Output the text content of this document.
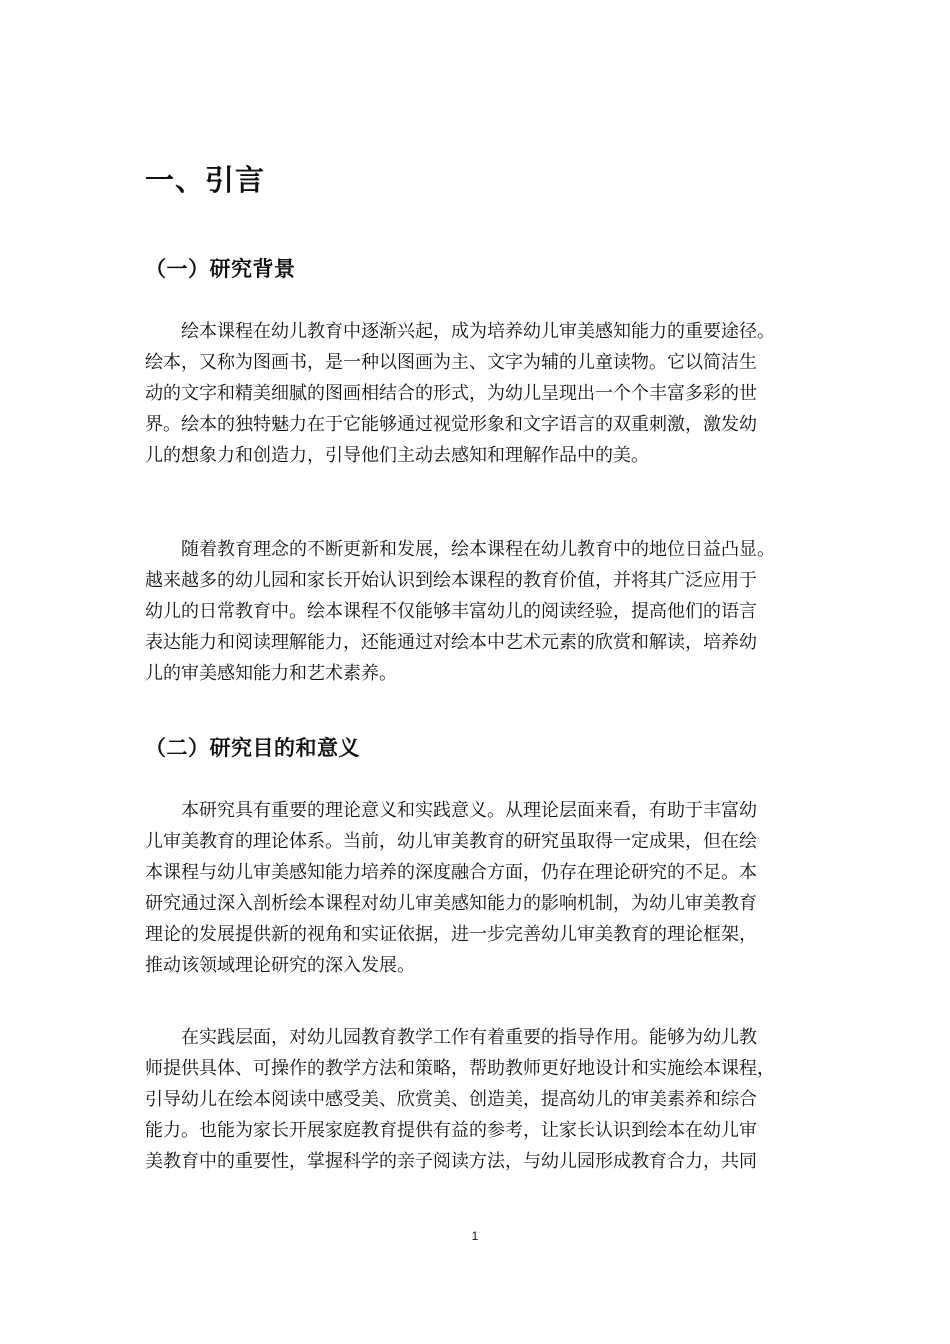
一、引言
（一）研究背景
绘本课程在幼儿教育中逐渐兴起，成为培养幼儿审美感知能力的重要途径。
绘本，又称为图画书，是一种以图画为主、文字为辅的儿童读物。它以简洁生
动的文字和精美细腻的图画相结合的形式，为幼儿呈现出一个个丰富多彩的世
界。绘本的独特魅力在于它能够通过视觉形象和文字语言的双重刺激，激发幼
儿的想象力和创造力，引导他们主动去感知和理解作品中的美。
随着教育理念的不断更新和发展，绘本课程在幼儿教育中的地位日益凸显。
越来越多的幼儿园和家长开始认识到绘本课程的教育价值，并将其广泛应用于
幼儿的日常教育中。绘本课程不仅能够丰富幼儿的阅读经验，提高他们的语言
表达能力和阅读理解能力，还能通过对绘本中艺术元素的欣赏和解读，培养幼
儿的审美感知能力和艺术素养。
（二）研究目的和意义
本研究具有重要的理论意义和实践意义。从理论层面来看，有助于丰富幼
儿审美教育的理论体系。当前，幼儿审美教育的研究虽取得一定成果，但在绘
本课程与幼儿审美感知能力培养的深度融合方面，仍存在理论研究的不足。本
研究通过深入剖析绘本课程对幼儿审美感知能力的影响机制，为幼儿审美教育
理论的发展提供新的视角和实证依据，进一步完善幼儿审美教育的理论框架，
推动该领域理论研究的深入发展。
在实践层面，对幼儿园教育教学工作有着重要的指导作用。能够为幼儿教
师提供具体、可操作的教学方法和策略，帮助教师更好地设计和实施绘本课程，
引导幼儿在绘本阅读中感受美、欣赏美、创造美，提高幼儿的审美素养和综合
能力。也能为家长开展家庭教育提供有益的参考，让家长认识到绘本在幼儿审
美教育中的重要性，掌握科学的亲子阅读方法，与幼儿园形成教育合力，共同
1
